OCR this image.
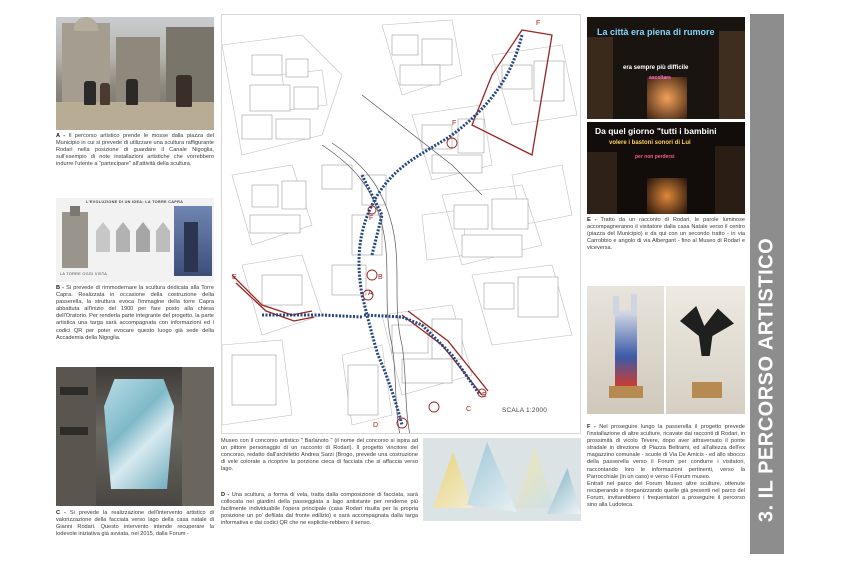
A - Il percorso artistico prende le mosse dalla piazza del Municipio in cui si prevede di utilizzare una scultura raffigurante Rodari nella posizione di guardare il Canale Nigoglia, sull'esempio di note installazioni artistiche che vorrebbero indurre l'utente a "partecipare" all'attività della scultura.
L'EVOLUZIONE DI UN IDEA: LA TORRE CAPRA
LA TORRE OGGI VISTA	LA TORRE CAPRA
B - Si prevede di rimmodernare la scultura dedicata alla Torre Capra. Realizzata in occasione della costruzione della passerella, la struttura evoca l'immagine della torre Capra abbattuta all'inizio del 1900 per fare posto alla chiesa dell'Oratorio. Per renderla parte integrante del progetto, la parte artistica una targa sarà accompagnata con informazioni ed i codici QR per poter evocare questo luogo già sede della Accademia della Nigoglia.
C - Si prevede la realizzazione dell'intervento artistico di valorizzazione della facciata verso lago della casa natale di Gianni Rodari. Questo intervento intende recuperare la lodevole iniziativa già avviata, nel 2015, dalla Forum -
A
B
C
D
E
E
F
F
F
SCALA 1:2000
Museo con il concorso artistico " Barlanoto " (il nome del concorso si ispira ad un pittore personaggio di un racconto di Rodari). Il progetto vincitore del concorso, redatto dall'architetto Andrea Sarzi (Brogo, prevede una costruzione di vele colorate a ricoprire la porzione cieca di facciata che si affaccia verso lago.
D - Una scultura, a forma di vela, tratta dalla composizione di facciata, sarà collocata nei giardini della passeggiata a lago antistante per renderne più facilmente individuabile l'opera principale (casa Rodari risulta per la propria posizione un po' defilata dal fronte edilizio) e sarà accompagnata dalla targa informativa e dai codici QR che ne esplicite-rebbero il senso.
La città era piena di rumore
era sempre più difficile
ascoltare
Da quel giorno "tutti i bambini
volere i bastoni sonori di Lui
per non perdersi
E - Tratto da un racconto di Rodari, le parole luminose accompagneranno il visitatore dalla casa Natale verso il centro (piazza del Municipio) e da qui con un secondo tratto - in via Carrobbio e angolo di via Albergant - fino al Museo di Rodari e viceversa.
F - Nel proseguire lungo la passerella il progetto prevede l'installazione di altre sculture, ricavate dai racconti di Rodari, in prossimità di vicolo Tevere, dopo aver attraversato il ponte stradale in direzione di Piazza Beltrami, ed all'altezza dell'ex magazzino comunale - scuole di Via De Amicis - ed allo sbocco della passerella verso il Forum per condurre i visitatori, raccontando loro le informazioni pertinenti, verso la Parrocchiale (in un caso) e verso il Forum museo.
Entrati nel parco del Forum Museo altre sculture, ottenute recuperando e riorganizzando quelle già presenti nel parco del Forum, invitarebbero i frequentatori a proseguire il percorso sino alla Ludoteca.	3. IL PERCORSO ARTISTICO
